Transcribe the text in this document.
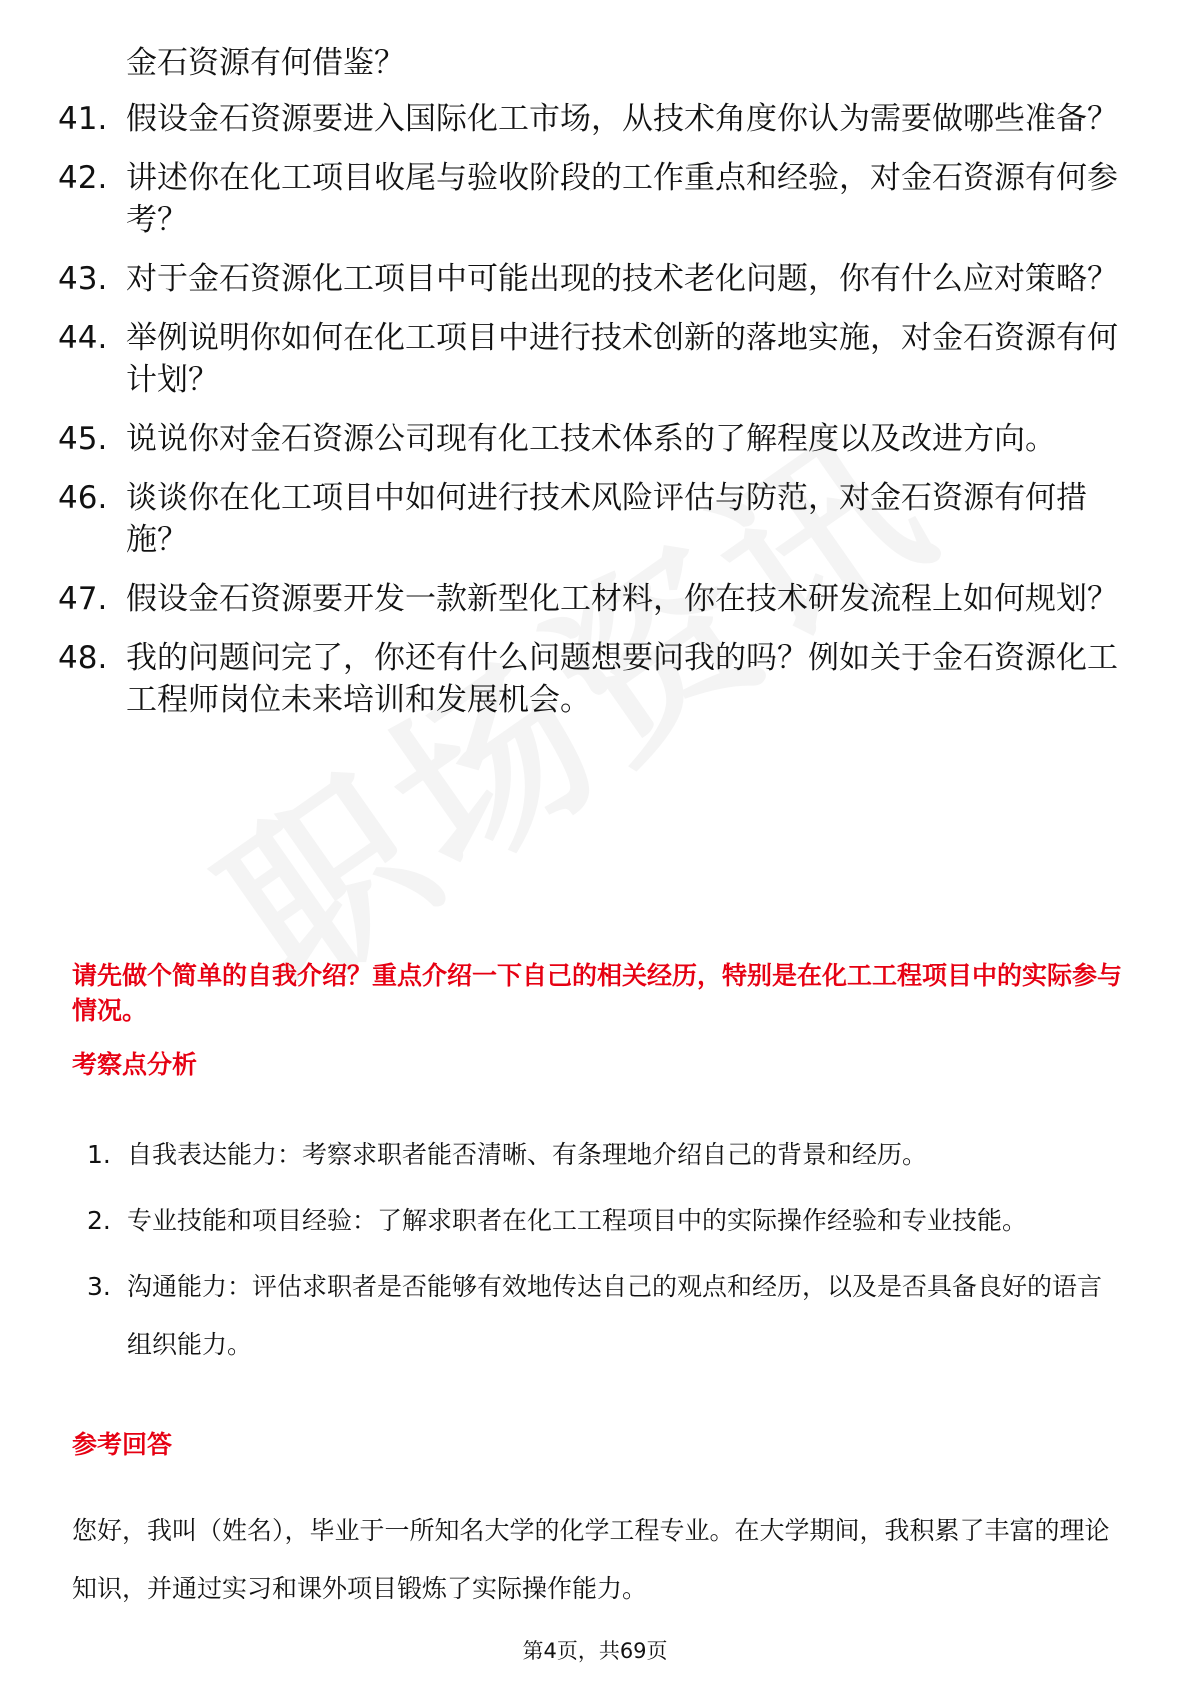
金石资源有何借鉴？
41. 假设金石资源要进入国际化工市场，从技术角度你认为需要做哪些准备？
42. 讲述你在化工项目收尾与验收阶段的工作重点和经验，对金石资源有何参考？
43. 对于金石资源化工项目中可能出现的技术老化问题，你有什么应对策略？
44. 举例说明你如何在化工项目中进行技术创新的落地实施，对金石资源有何计划？
45. 说说你对金石资源公司现有化工技术体系的了解程度以及改进方向。
46. 谈谈你在化工项目中如何进行技术风险评估与防范，对金石资源有何措施？
47. 假设金石资源要开发一款新型化工材料，你在技术研发流程上如何规划？
48. 我的问题问完了，你还有什么问题想要问我的吗？例如关于金石资源化工工程师岗位未来培训和发展机会。
请先做个简单的自我介绍？重点介绍一下自己的相关经历，特别是在化工工程项目中的实际参与情况。
考察点分析
1. 自我表达能力：考察求职者能否清晰、有条理地介绍自己的背景和经历。
2. 专业技能和项目经验：了解求职者在化工工程项目中的实际操作经验和专业技能。
3. 沟通能力：评估求职者是否能够有效地传达自己的观点和经历，以及是否具备良好的语言组织能力。
参考回答
您好，我叫（姓名），毕业于一所知名大学的化学工程专业。在大学期间，我积累了丰富的理论知识，并通过实习和课外项目锻炼了实际操作能力。
第4页，共69页
